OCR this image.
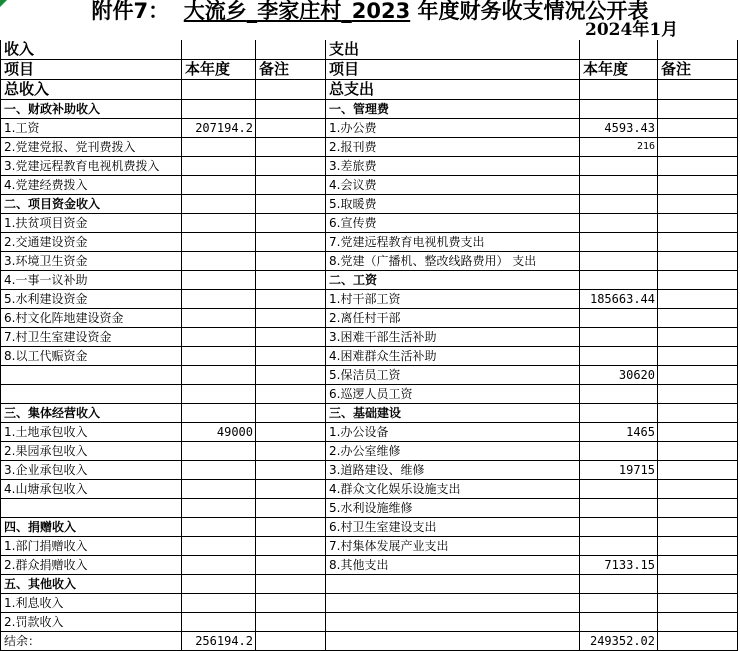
附件7： 大流乡_李家庄村_2023 年度财务收支情况公开表
2024年1月
收入			支出		
项目	本年度	备注	项目	本年度	备注
总收入			总支出		
一、财政补助收入			一、管理费		
1.工资	207194.2		1.办公费	4593.43	
2.党建党报、党刊费拨入			2.报刊费	216	
3.党建远程教育电视机费拨入			3.差旅费		
4.党建经费拨入			4.会议费		
二、项目资金收入			5.取暖费		
1.扶贫项目资金			6.宣传费		
2.交通建设资金			7.党建远程教育电视机费支出		
3.环境卫生资金			8.党建（广播机、整改线路费用） 支出		
4.一事一议补助			二、工资		
5.水利建设资金			1.村干部工资	185663.44	
6.村文化阵地建设资金			2.离任村干部		
7.村卫生室建设资金			3.困难干部生活补助		
8.以工代赈资金			4.困难群众生活补助		
			5.保洁员工资	30620	
			6.巡逻人员工资		
三、集体经营收入			三、基础建设		
1.土地承包收入	49000		1.办公设备	1465	
2.果园承包收入			2.办公室维修		
3.企业承包收入			3.道路建设、维修	19715	
4.山塘承包收入			4.群众文化娱乐设施支出		
			5.水利设施维修		
四、捐赠收入			6.村卫生室建设支出		
1.部门捐赠收入			7.村集体发展产业支出		
2.群众捐赠收入			8.其他支出	7133.15	
五、其他收入					
1.利息收入					
2.罚款收入					
结余：	256194.2			249352.02	
